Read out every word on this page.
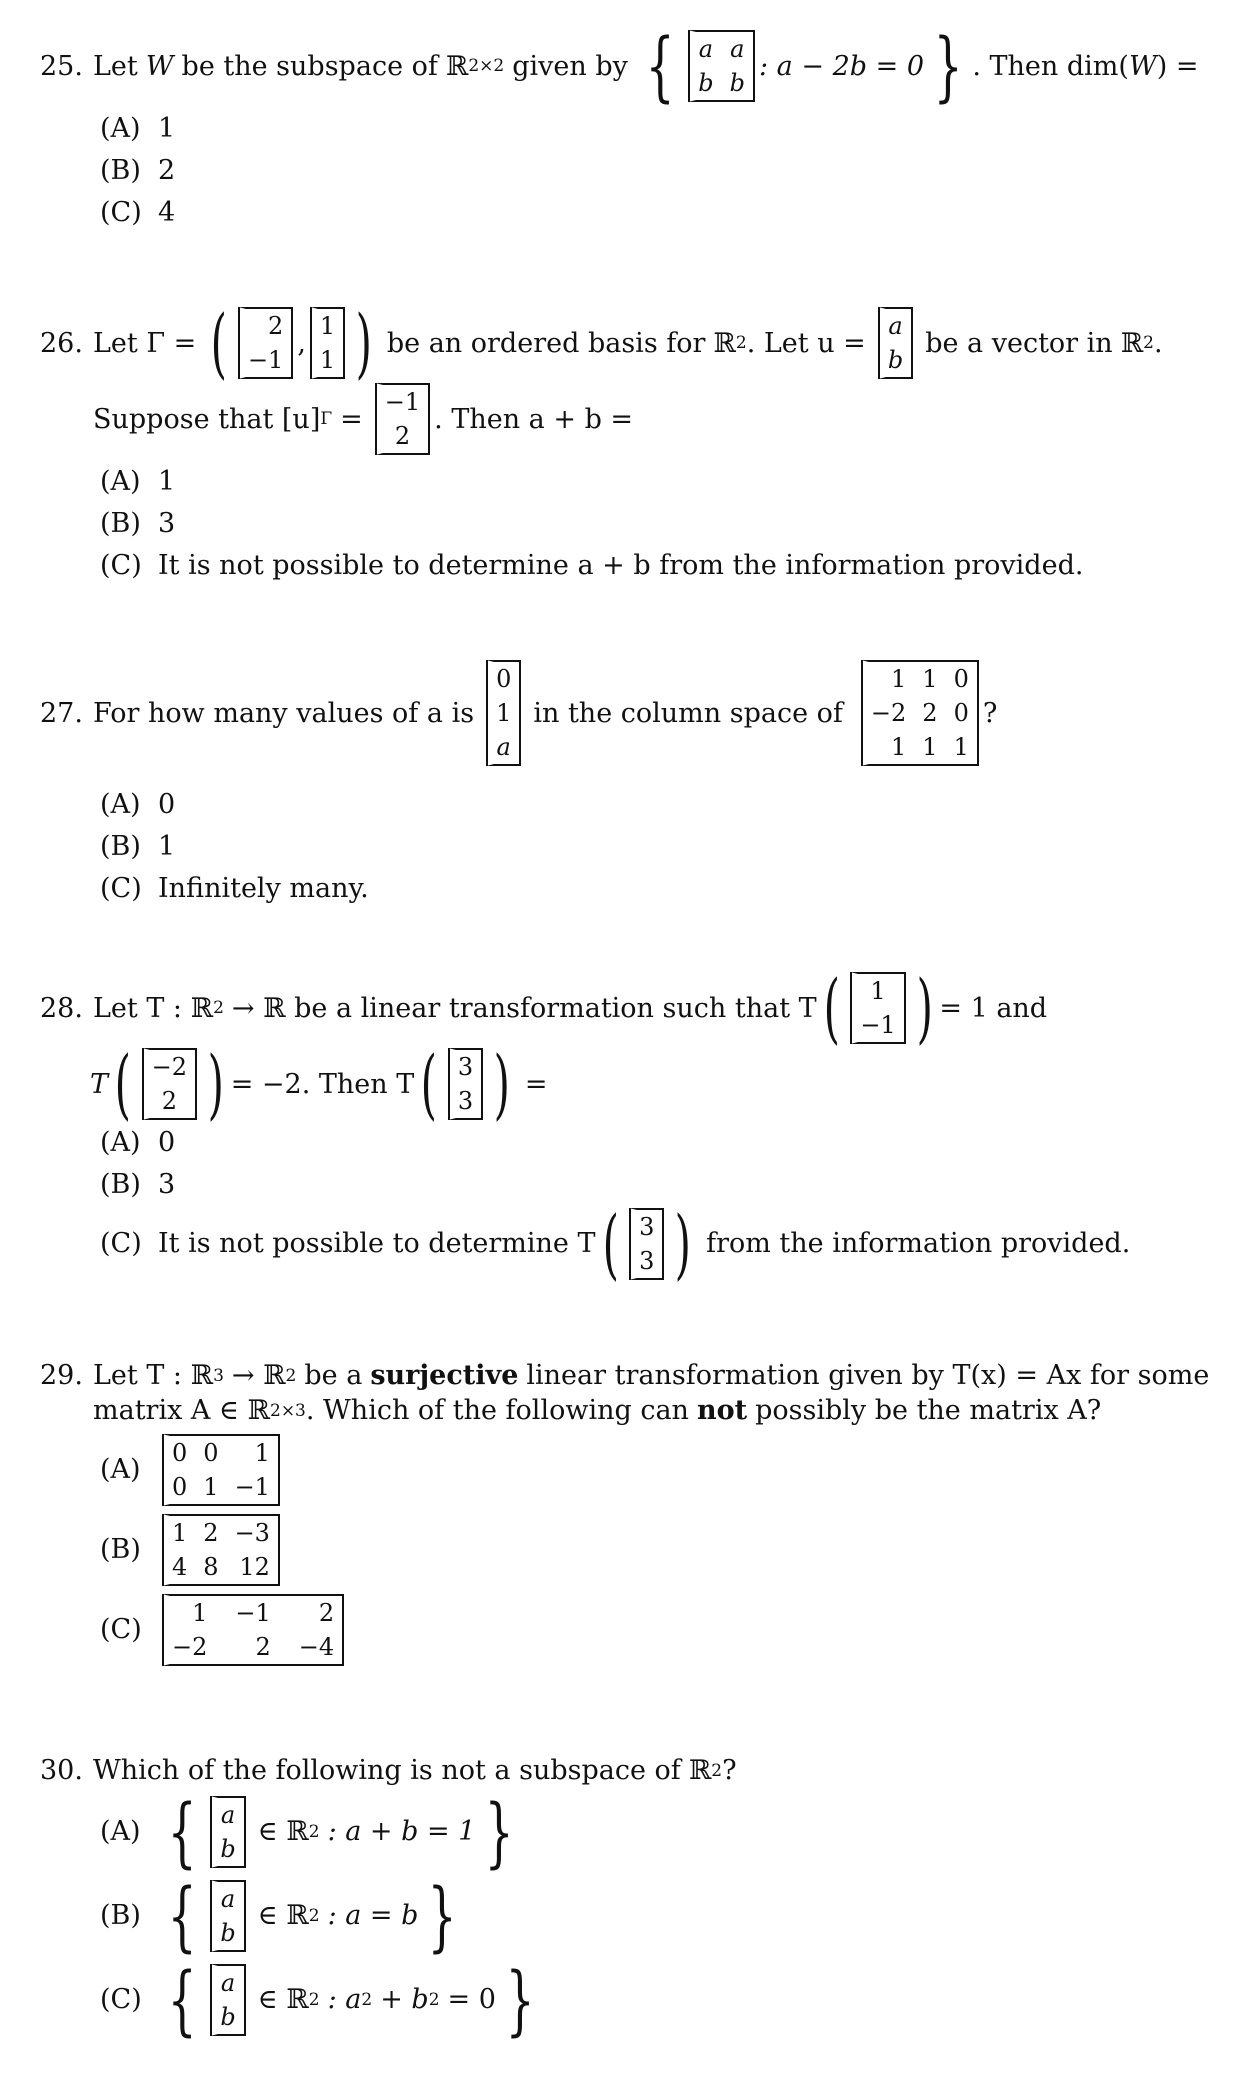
25. Let W be the subspace of ℝ 2×2 given by { a a
b b
: a − 2b = 0 } . Then dim( W ) =
(A) 1
(B) 2
(C) 4
26. Let Γ = (	2
−1
,
1
1 ) be an ordered basis for ℝ 2 . Let u =
a
b
be a vector in ℝ 2 .
Suppose that [u] Γ =
−1
2
. Then a + b =
(A) 1
(B) 3
(C) It is not possible to determine a + b from the information provided.
27. For how many values of a is
0
1
a
in the column space of
1 1 0
−2 2 0
1 1 1
?
(A) 0
(B) 1
(C) Infinitely many.
28. Let T : ℝ 2 → ℝ be a linear transformation such that T (	1
−1 ) = 1 and
T ( −2
2 ) = −2. Then T ( 3
3 ) =
(A) 0
(B) 3
(C) It is not possible to determine T ( 3
3 ) from the information provided.
29. Let T : ℝ 3 → ℝ 2 be a surjective linear transformation given by T(x) = Ax for some
matrix A ∈ ℝ 2×3 . Which of the following can not possibly be the matrix A?
(A)
0 0	1
0 1 −1
(B)
1 2 −3
4 8 12
(C)
1 −1	2
−2	2 −4
30. Which of the following is not a subspace of ℝ 2 ?
(A) { a
b
∈ ℝ 2 : a + b = 1 }
(B) { a
b
∈ ℝ 2 : a = b }
(C) { a
b
∈ ℝ 2 : a 2 + b 2 = 0 }
